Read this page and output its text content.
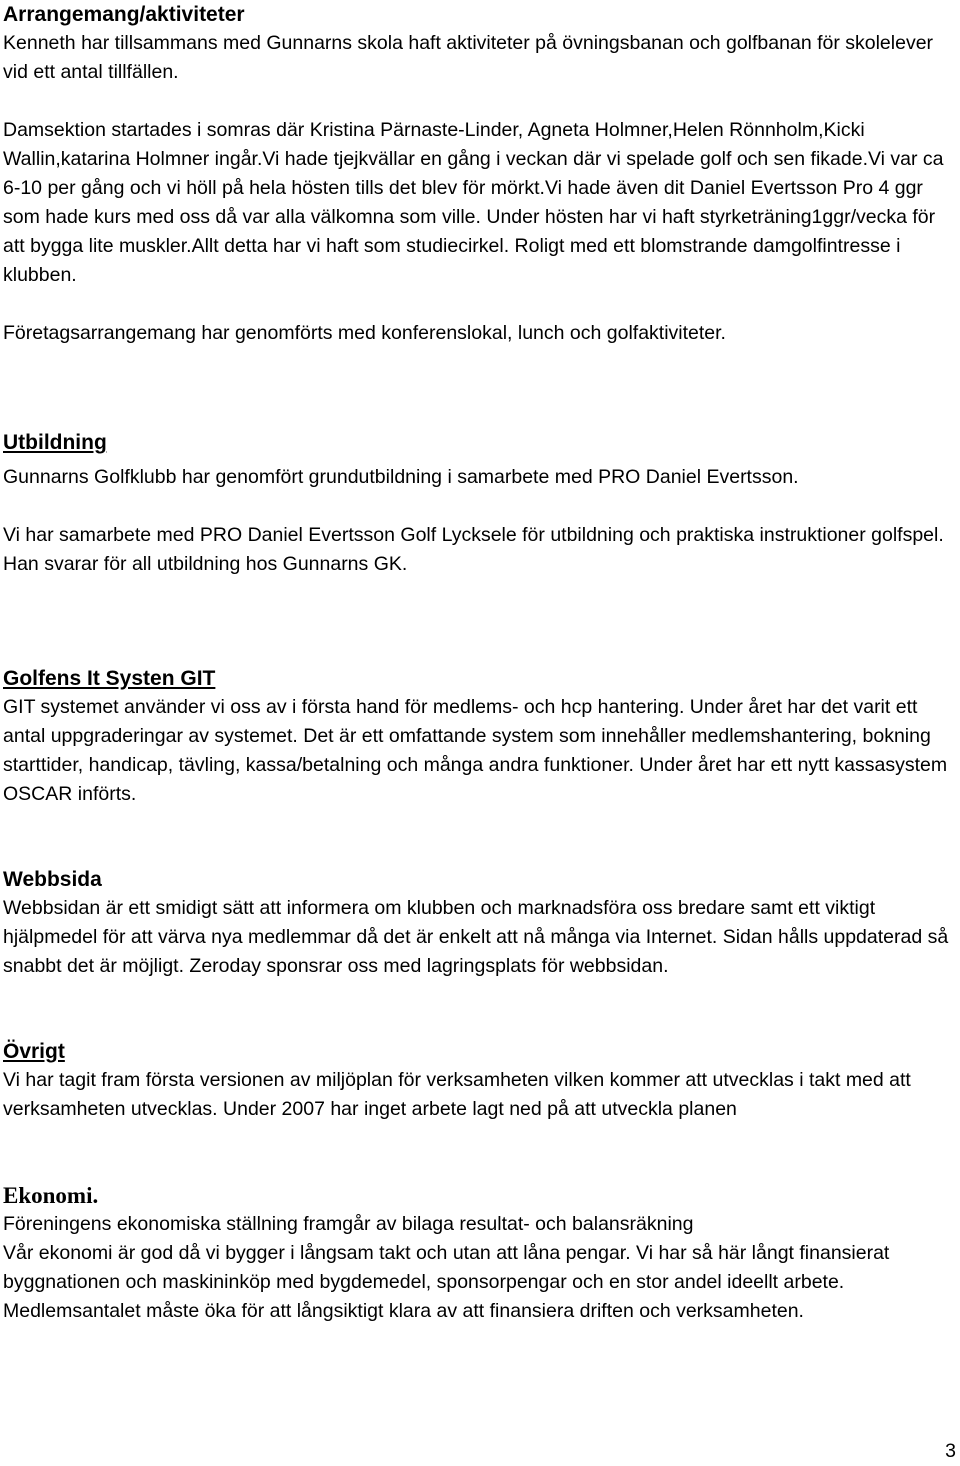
Arrangemang/aktiviteter

Kenneth har tillsammans med Gunnarns skola haft aktiviteter på övningsbanan och golfbanan för skolelever vid ett antal tillfällen.

Damsektion startades i somras där Kristina Pärnaste-Linder, Agneta Holmner,Helen Rönnholm,Kicki Wallin,katarina Holmner ingår.Vi hade tjejkvällar en gång i veckan där vi spelade golf och sen fikade.Vi var ca 6-10 per gång och vi höll på hela hösten tills det blev för mörkt.Vi hade även dit Daniel Evertsson Pro 4 ggr som hade kurs med oss då var alla välkomna som ville. Under hösten har vi haft styrketräning1ggr/vecka för att bygga lite muskler.Allt detta har vi haft som studiecirkel. Roligt med ett blomstrande damgolfintresse i klubben.

Företagsarrangemang har genomförts med konferenslokal, lunch och golfaktiviteter.

Utbildning

Gunnarns Golfklubb har genomfört grundutbildning i samarbete med PRO Daniel Evertsson.

Vi har samarbete med PRO Daniel Evertsson Golf Lycksele för utbildning och praktiska instruktioner golfspel. Han svarar för all utbildning hos Gunnarns GK.

Golfens It Systen GIT

GIT systemet använder vi oss av i första hand för medlems- och hcp hantering. Under året har det varit ett antal uppgraderingar av systemet. Det är ett omfattande system som innehåller medlemshantering, bokning starttider, handicap, tävling, kassa/betalning och många andra funktioner. Under året har ett nytt kassasystem OSCAR införts.

Webbsida

Webbsidan är ett smidigt sätt att informera om klubben och marknadsföra oss bredare samt ett viktigt hjälpmedel för att värva nya medlemmar då det är enkelt att nå många via Internet. Sidan hålls uppdaterad så snabbt det är möjligt. Zeroday sponsrar oss med lagringsplats för webbsidan.

Övrigt

Vi har tagit fram första versionen av miljöplan för verksamheten vilken kommer att utvecklas i takt med att verksamheten utvecklas. Under 2007 har inget arbete lagt ned på att utveckla planen

Ekonomi.

Föreningens ekonomiska ställning framgår av bilaga resultat- och balansräkning

Vår ekonomi är god då vi bygger i långsam takt och utan att låna pengar. Vi har så här långt finansierat byggnationen och maskininköp med bygdemedel, sponsorpengar och en stor andel ideellt arbete. Medlemsantalet måste öka för att långsiktigt klara av att finansiera driften och verksamheten.

3
